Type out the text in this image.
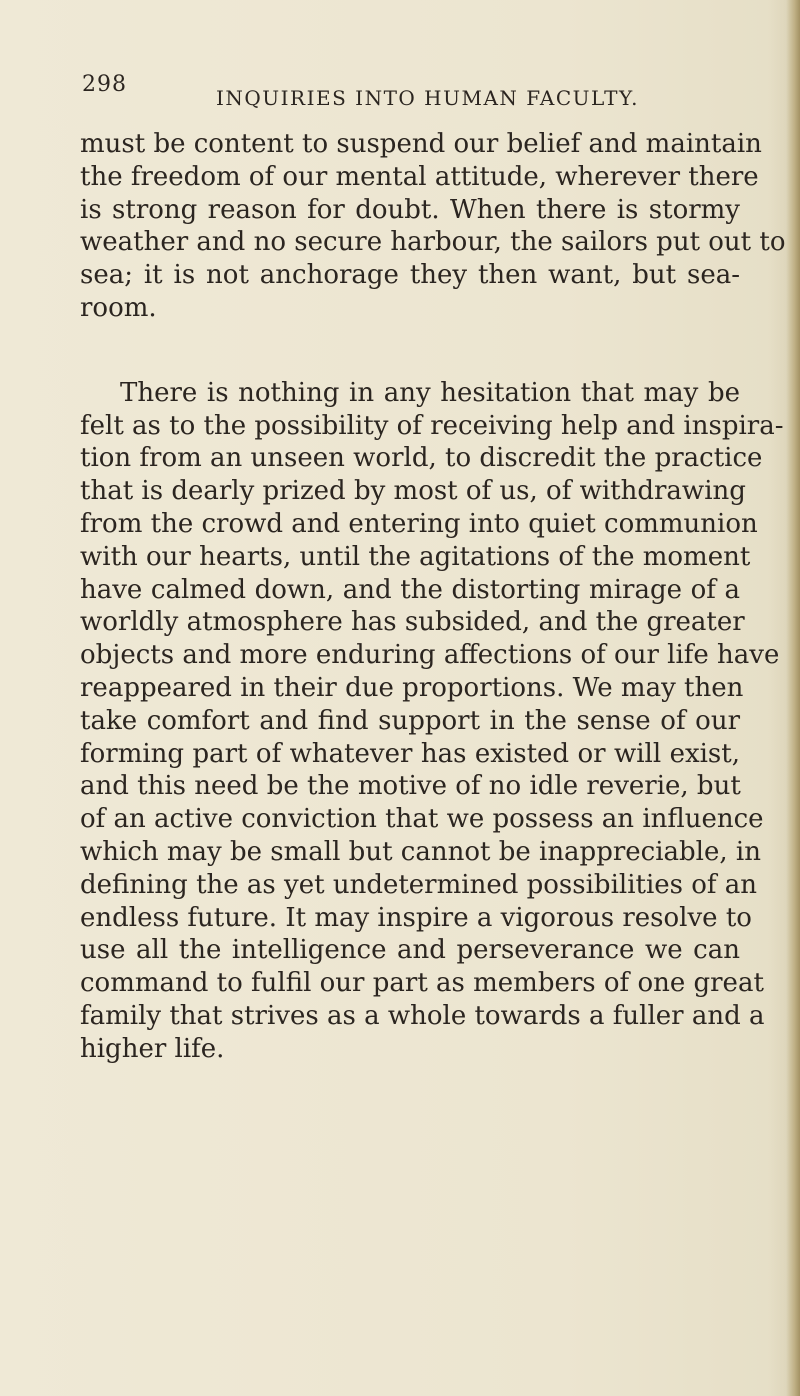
298
INQUIRIES INTO HUMAN FACULTY.
must be content to suspend our belief and maintain
the freedom of our mental attitude, wherever there
is strong reason for doubt. When there is stormy
weather and no secure harbour, the sailors put out to
sea; it is not anchorage they then want, but sea-
room.
There is nothing in any hesitation that may be
felt as to the possibility of receiving help and inspira-
tion from an unseen world, to discredit the practice
that is dearly prized by most of us, of withdrawing
from the crowd and entering into quiet communion
with our hearts, until the agitations of the moment
have calmed down, and the distorting mirage of a
worldly atmosphere has subsided, and the greater
objects and more enduring affections of our life have
reappeared in their due proportions. We may then
take comfort and find support in the sense of our
forming part of whatever has existed or will exist,
and this need be the motive of no idle reverie, but
of an active conviction that we possess an influence
which may be small but cannot be inappreciable, in
defining the as yet undetermined possibilities of an
endless future. It may inspire a vigorous resolve to
use all the intelligence and perseverance we can
command to fulfil our part as members of one great
family that strives as a whole towards a fuller and a
higher life.
